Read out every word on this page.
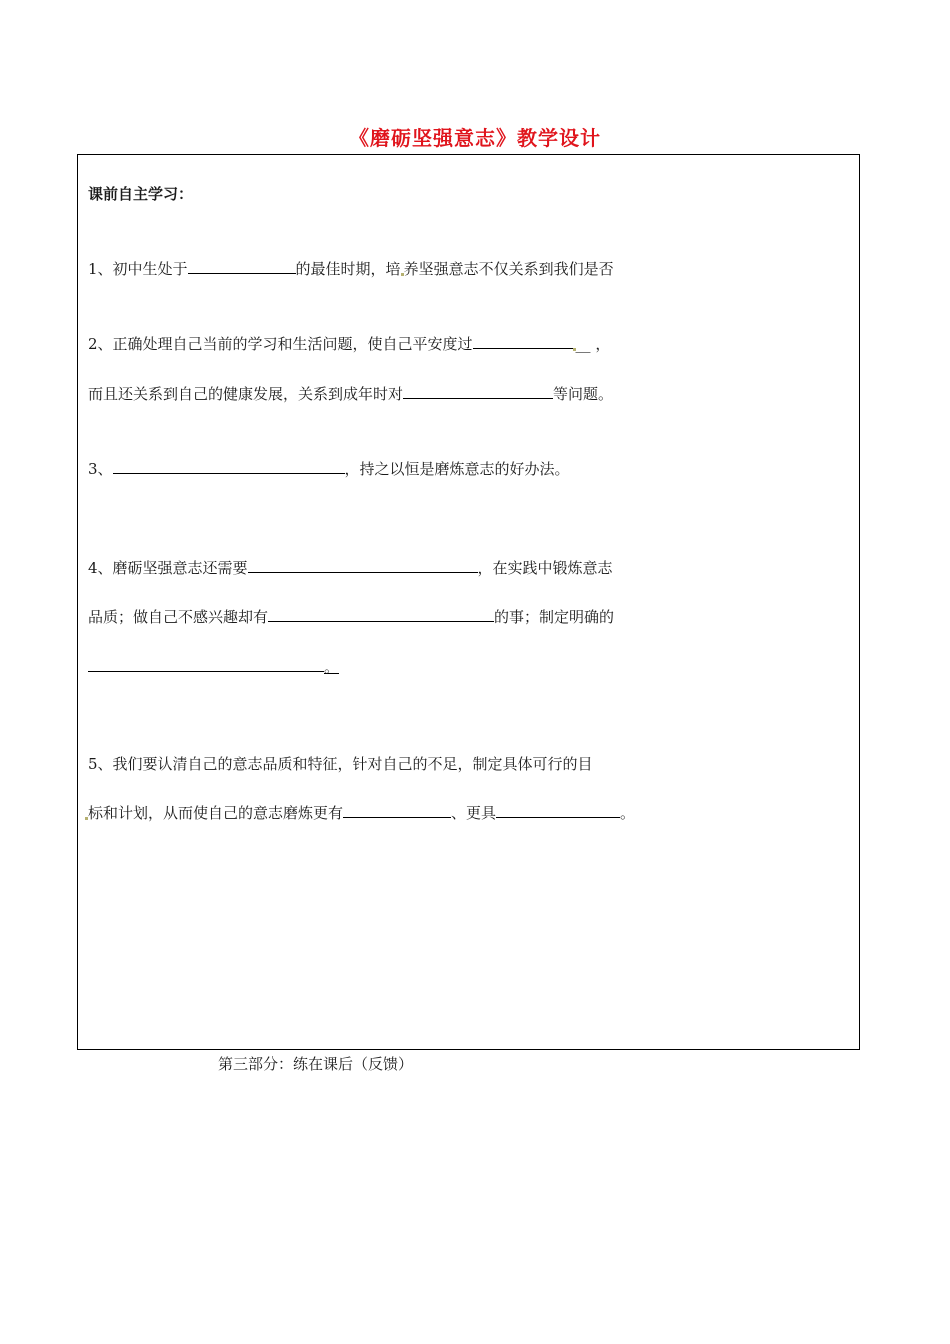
《磨砺坚强意志》教学设计
课前自主学习：
1、初中生处于	的最佳时期，培 养坚强意志不仅关系到我们是否
2、正确处理自己当前的学习和生活问题，使自己平安度过	__ ，
而且还关系到自己的健康发展，关系到成年时对	等问题。
3、	，持之以恒是磨炼意志的好办法。
4、磨砺坚强意志还需要	，在实践中锻炼意志
品质；做自己不感兴趣却有	的事；制定明确的
。
5、我们要认清自己的意志品质和特征，针对自己的不足，制定具体可行的目
标和计划，从而使自己的意志磨炼更有	、更具	。
第三部分：练在课后（反馈）
